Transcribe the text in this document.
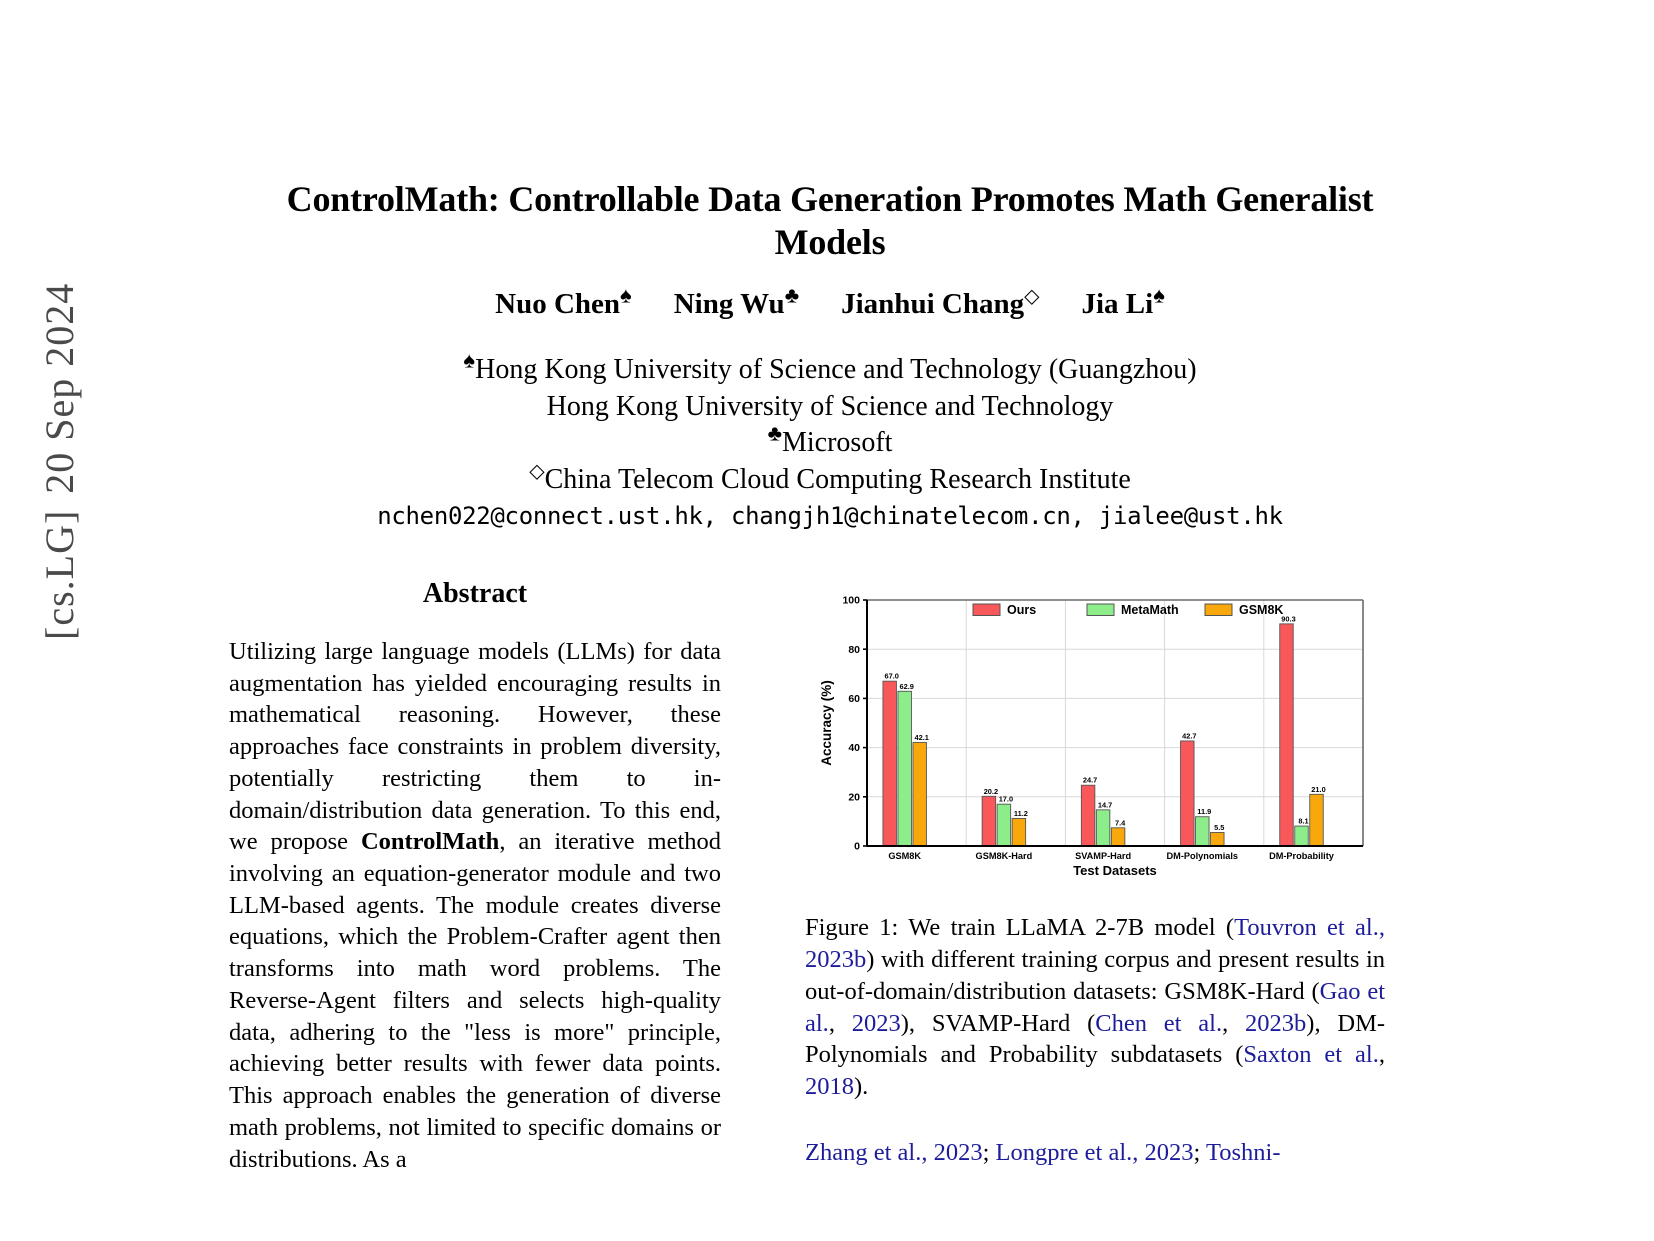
[cs.LG]20 Sep 2024
ControlMath: Controllable Data Generation Promotes Math Generalist
Models
Nuo Chen♠ Ning Wu♣ Jianhui Chang◇ Jia Li♠
♠Hong Kong University of Science and Technology (Guangzhou)
Hong Kong University of Science and Technology
♣Microsoft
◇China Telecom Cloud Computing Research Institute
nchen022@connect.ust.hk, changjh1@chinatelecom.cn, jialee@ust.hk
Abstract

Utilizing large language models (LLMs) for data augmentation has yielded encouraging results in mathematical reasoning. However, these approaches face constraints in problem diversity, potentially restricting them to in-domain/distribution data generation. To this end, we propose ControlMath, an iterative method involving an equation-generator module and two LLM-based agents. The module creates diverse equations, which the Problem-Crafter agent then transforms into math word problems. The Reverse-Agent filters and selects high-quality data, adhering to the "less is more" principle, achieving better results with fewer data points. This approach enables the generation of diverse math problems, not limited to specific domains or distributions. As a

67.0
62.9
42.1
20.2
17.0
11.2
24.7
14.7
7.4
42.7
11.9
5.5
90.3
8.1
21.0
0
20
40
60
80
100
Accuracy (%)
GSM8K	GSM8K-Hard	SVAMP-Hard	DM-Polynomials	DM-Probability
Test Datasets
Ours	MetaMath	GSM8K
Figure 1: We train LLaMA 2-7B model (Touvron et al., 2023b) with different training corpus and present results in out-of-domain/distribution datasets: GSM8K-Hard (Gao et al., 2023), SVAMP-Hard (Chen et al., 2023b), DM-Polynomials and Probability subdatasets (Saxton et al., 2018).
Zhang et al., 2023; Longpre et al., 2023; Toshni-
